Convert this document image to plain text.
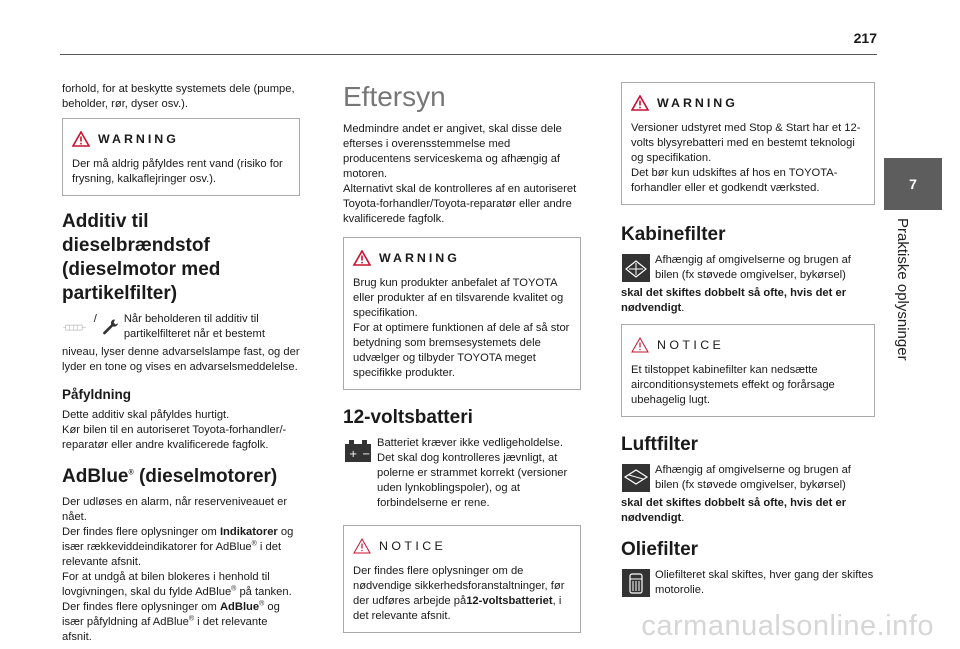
217
7
Praktiske oplysninger

forhold, for at beskytte systemets dele (pumpe, beholder, rør, dyser osv.).

WARNING

Der må aldrig påfyldes rent vand (risiko for frysning, kalkaflejringer osv.).

Additiv til dieselbrændstof (dieselmotor med partikelfilter)
/ Når beholderen til additiv til partikelfilteret når et bestemt

niveau, lyser denne advarselslampe fast, og der lyder en tone og vises en advarselsmeddelelse.

Påfyldning

Dette additiv skal påfyldes hurtigt.
Kør bilen til en autoriseret Toyota-forhandler/-reparatør eller andre kvalificerede fagfolk.

AdBlue® (dieselmotorer)

Der udløses en alarm, når reserveniveauet er nået.
Der findes flere oplysninger om Indikatorer og især rækkeviddeindikatorer for AdBlue® i det relevante afsnit.
For at undgå at bilen blokeres i henhold til lovgivningen, skal du fylde AdBlue® på tanken.
Der findes flere oplysninger om AdBlue® og især påfyldning af AdBlue® i det relevante afsnit.

Eftersyn

Medmindre andet er angivet, skal disse dele efterses i overensstemmelse med producentens serviceskema og afhængig af motoren.

Alternativt skal de kontrolleres af en autoriseret Toyota-forhandler/Toyota-reparatør eller andre kvalificerede fagfolk.

WARNING

Brug kun produkter anbefalet af TOYOTA eller produkter af en tilsvarende kvalitet og specifikation.

For at optimere funktionen af dele af så stor betydning som bremsesystemets dele udvælger og tilbyder TOYOTA meget specifikke produkter.

12-voltsbatteri
+ −
Batteriet kræver ikke vedligeholdelse.
Det skal dog kontrolleres jævnligt, at polerne er strammet korrekt (versioner uden lynkoblingspoler), og at forbindelserne er rene.
NOTICE

Der findes flere oplysninger om de nødvendige sikkerhedsforanstaltninger, før der udføres arbejde på12-voltsbatteriet, i det relevante afsnit.

WARNING

Versioner udstyret med Stop & Start har et 12-volts blysyrebatteri med en bestemt teknologi og specifikation.

Det bør kun udskiftes af hos en TOYOTA-forhandler eller et godkendt værksted.

Kabinefilter
Afhængig af omgivelserne og brugen af bilen (fx støvede omgivelser, bykørsel)

skal det skiftes dobbelt så ofte, hvis det er nødvendigt.

NOTICE

Et tilstoppet kabinefilter kan nedsætte airconditionsystemets effekt og forårsage ubehagelig lugt.

Luftfilter
Afhængig af omgivelserne og brugen af bilen (fx støvede omgivelser, bykørsel)

skal det skiftes dobbelt så ofte, hvis det er nødvendigt.

Oliefilter
Oliefilteret skal skiftes, hver gang der skiftes motorolie.
carmanualsonline.info
